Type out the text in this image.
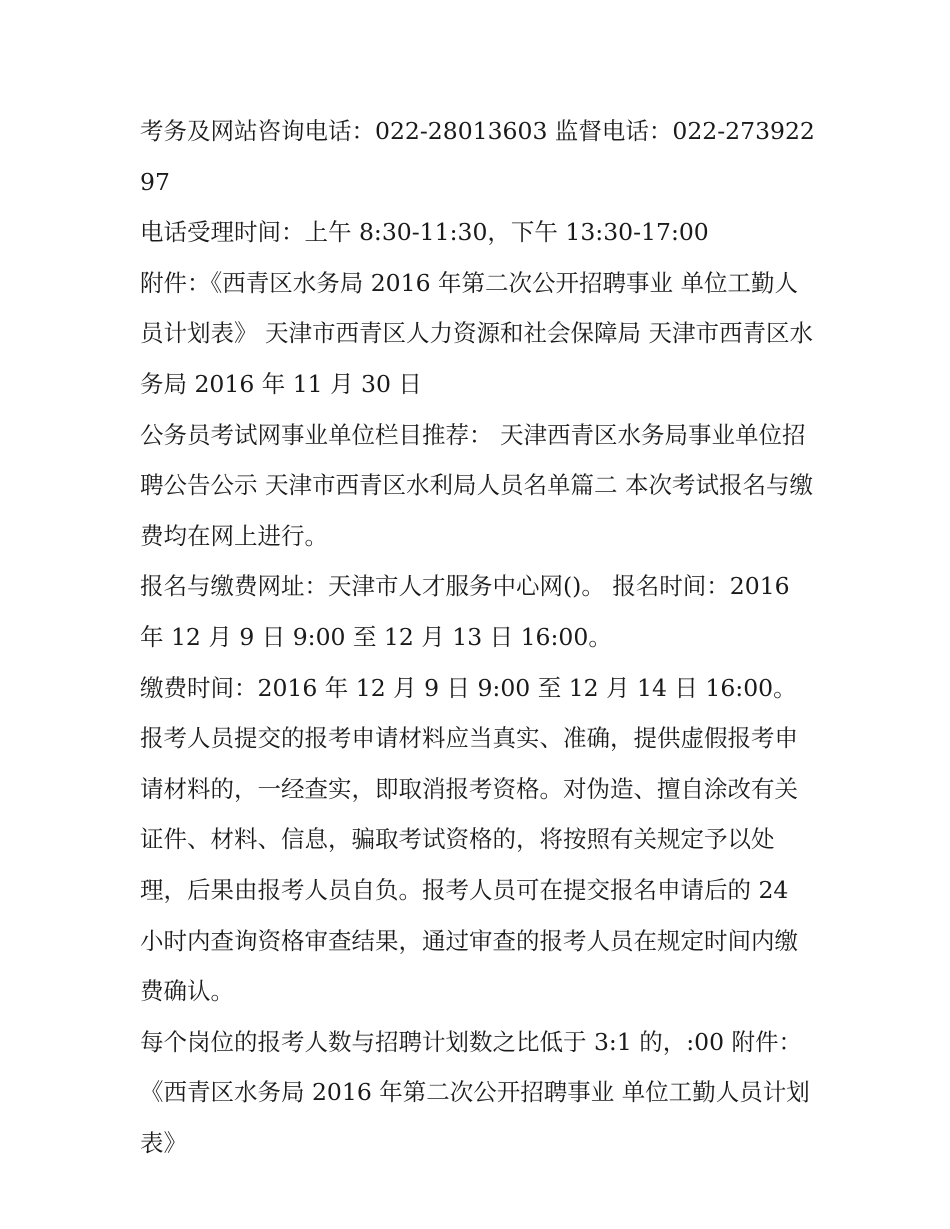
考务及网站咨询电话：022-28013603 监督电话：022-27392297

电话受理时间：上午 8:30-11:30，下午 13:30-17:00

附件：《西青区水务局 2016 年第二次公开招聘事业 单位工勤人员计划表》 天津市西青区人力资源和社会保障局 天津市西青区水务局 2016 年 11 月 30 日

公务员考试网事业单位栏目推荐： 天津西青区水务局事业单位招聘公告公示 天津市西青区水利局人员名单篇二 本次考试报名与缴费均在网上进行。

报名与缴费网址：天津市人才服务中心网()。 报名时间：2016 年 12 月 9 日 9:00 至 12 月 13 日 16:00。

缴费时间：2016 年 12 月 9 日 9:00 至 12 月 14 日 16:00。

报考人员提交的报考申请材料应当真实、准确，提供虚假报考申请材料的，一经查实，即取消报考资格。对伪造、擅自涂改有关证件、材料、信息，骗取考试资格的，将按照有关规定予以处理，后果由报考人员自负。报考人员可在提交报名申请后的 24 小时内查询资格审查结果，通过审查的报考人员在规定时间内缴费确认。

每个岗位的报考人数与招聘计划数之比低于 3:1 的，:00 附件：《西青区水务局 2016 年第二次公开招聘事业 单位工勤人员计划表》
